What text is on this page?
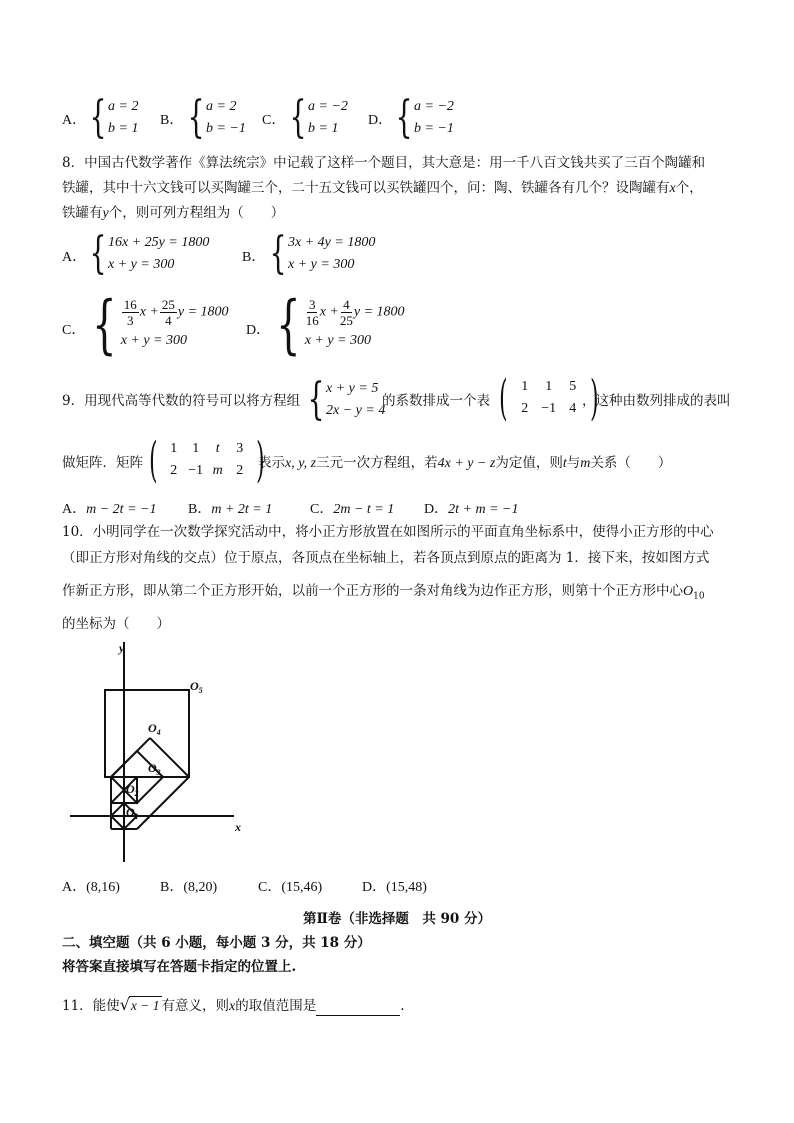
A． { a = 2
b = 1
B． { a = 2
b = −1
C． { a = −2
b = 1
D． { a = −2
b = −1
8．中国古代数学著作《算法统宗》中记载了这样一个题目，其大意是：用一千八百文钱共买了三百个陶罐和
铁罐，其中十六文钱可以买陶罐三个，二十五文钱可以买铁罐四个，问：陶、铁罐各有几个？设陶罐有x个，
铁罐有y个，则可列方程组为（　　）
A． { 16x + 25y = 1800
x + y = 300	B． { 3x + 4y = 1800
x + y = 300
C． { $\frac{16}{3}$ $x + \frac{25}{4}$ y = 1800
x + y = 300
D． { $\frac{3}{16}$ $x + \frac{4}{25}$ y = 1800
x + y = 300
9．用现代高等代数的符号可以将方程组 { x + y = 5
2x − y = 4
的系数排成一个表 ( 1	1	5
2 −1 4 )
，这种由数列排成的表叫
做矩阵．矩阵 ( 1	1	t	3
2 −1 m 2 )
表示x, y, z三元一次方程组，若4x + y − z为定值，则t与m关系（　　）
A．m − 2t = −1 B．m + 2t = 1	C．2m − t = 1 D．2t + m = −1
10．小明同学在一次数学探究活动中，将小正方形放置在如图所示的平面直角坐标系中，使得小正方形的中心
（即正方形对角线的交点）位于原点，各顶点在坐标轴上，若各顶点到原点的距离为 1．接下来，按如图方式
作新正方形，即从第二个正方形开始，以前一个正方形的一条对角线为边作正方形，则第十个正方形中心$O_{10}$
的坐标为（　　）
y
x
$O_1$
$O_2$
$O_3$
$O_4$
$O_5$
A．(8,16)	B．(8,20)	C．(15,46)	D．(15,48)
第Ⅱ卷（非选择题　共 90 分）
二、填空题（共 6 小题，每小题 3 分，共 18 分）
将答案直接填写在答题卡指定的位置上.
11．能使√x − 1 有意义，则x的取值范围是	.
